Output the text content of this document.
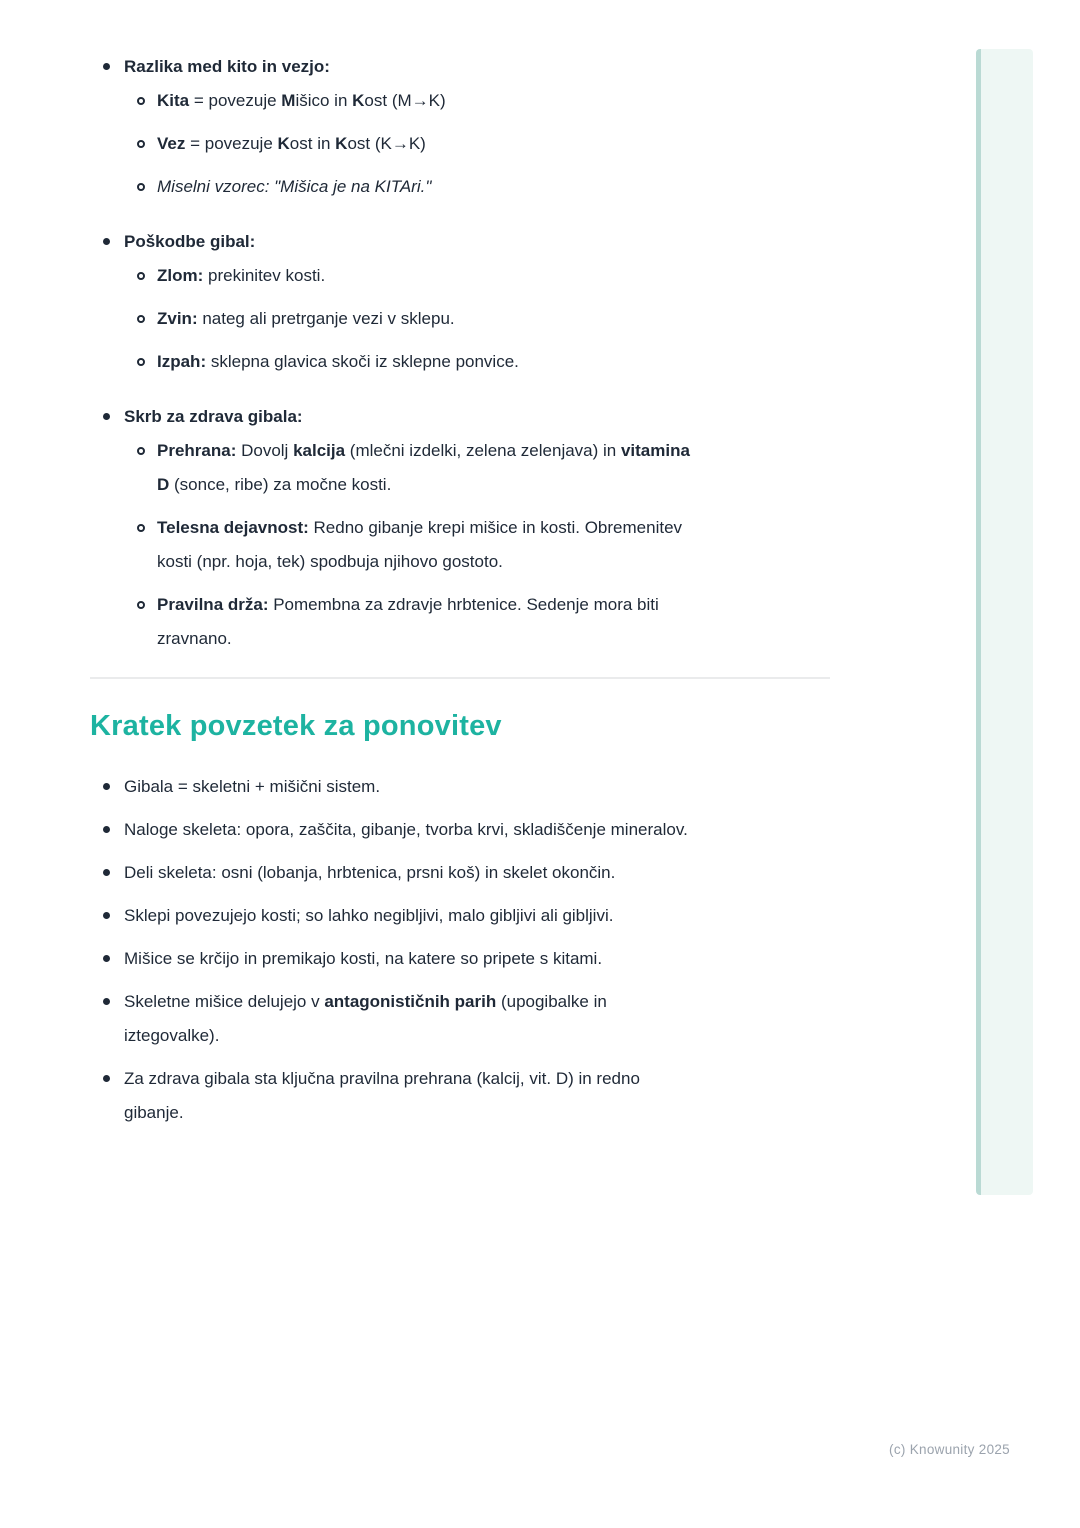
Razlika med kito in vezjo:
Kita = povezuje Mišico in Kost (M→K)
Vez = povezuje Kost in Kost (K→K)
Miselni vzorec: "Mišica je na KITAri."
Poškodbe gibal:
Zlom: prekinitev kosti.
Zvin: nateg ali pretrganje vezi v sklepu.
Izpah: sklepna glavica skoči iz sklepne ponvice.
Skrb za zdrava gibala:
Prehrana: Dovolj kalcija (mlečni izdelki, zelena zelenjava) in vitamina
D (sonce, ribe) za močne kosti.
Telesna dejavnost: Redno gibanje krepi mišice in kosti. Obremenitev
kosti (npr. hoja, tek) spodbuja njihovo gostoto.
Pravilna drža: Pomembna za zdravje hrbtenice. Sedenje mora biti
zravnano.
Kratek povzetek za ponovitev
Gibala = skeletni + mišični sistem.
Naloge skeleta: opora, zaščita, gibanje, tvorba krvi, skladiščenje mineralov.
Deli skeleta: osni (lobanja, hrbtenica, prsni koš) in skelet okončin.
Sklepi povezujejo kosti; so lahko negibljivi, malo gibljivi ali gibljivi.
Mišice se krčijo in premikajo kosti, na katere so pripete s kitami.
Skeletne mišice delujejo v antagonističnih parih (upogibalke in
iztegovalke).
Za zdrava gibala sta ključna pravilna prehrana (kalcij, vit. D) in redno
gibanje.
(c) Knowunity 2025
